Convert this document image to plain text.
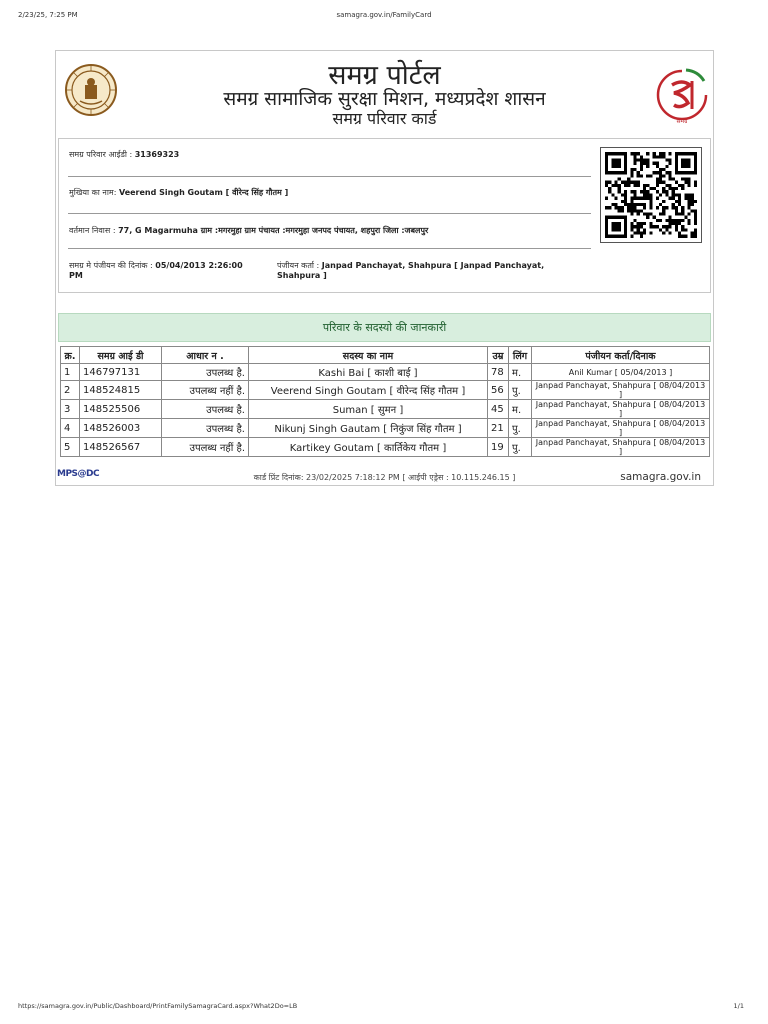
2/23/25, 7:25 PM	samagra.gov.in/FamilyCard
समग्र पोर्टल
समग्र सामाजिक सुरक्षा मिशन, मध्यप्रदेश शासन
समग्र परिवार कार्ड	समग्र
समग्र परिवार आईडी : 31369323
मुखिया का नाम: Veerend Singh Goutam [ वीरेन्द सिंह गौतम ]
वर्तमान निवास : 77, G Magarmuha ग्राम :मगरमुहा ग्राम पंचायत :मगरमुहा जनपद पंचायत, शहपुरा जिला :जबलपुर
समग्र मे पंजीयन की दिनांक : 05/04/2013 2:26:00
PM
पंजीयन कर्ता : Janpad Panchayat, Shahpura [ Janpad Panchayat,
Shahpura ]
परिवार के सदस्यो की जानकारी
क्र.	समग्र आई डी	आधार न .	सदस्य का नाम	उम्र	लिंग	पंजीयन कर्ता/दिनाक
1	146797131	उपलब्ध है.	Kashi Bai [ काशी बाई ]	78	म.	Anil Kumar [ 05/04/2013 ]
2	148524815	उपलब्ध नहीं है.	Veerend Singh Goutam [ वीरेन्द सिंह गौतम ]	56	पु.	Janpad Panchayat, Shahpura [ 08/04/2013 ]
3	148525506	उपलब्ध है.	Suman [ सुमन ]	45	म.	Janpad Panchayat, Shahpura [ 08/04/2013 ]
4	148526003	उपलब्ध है.	Nikunj Singh Gautam [ निकुंज सिंह गौतम ]	21	पु.	Janpad Panchayat, Shahpura [ 08/04/2013 ]
5	148526567	उपलब्ध नहीं है.	Kartikey Goutam [ कार्तिकेय गौतम ]	19	पु.	Janpad Panchayat, Shahpura [ 08/04/2013 ]
MPS@DC	कार्ड प्रिंट दिनांक: 23/02/2025 7:18:12 PM [ आईपी एड्रेस : 10.115.246.15 ]	samagra.gov.in
https://samagra.gov.in/Public/Dashboard/PrintFamilySamagraCard.aspx?What2Do=LB	1/1
